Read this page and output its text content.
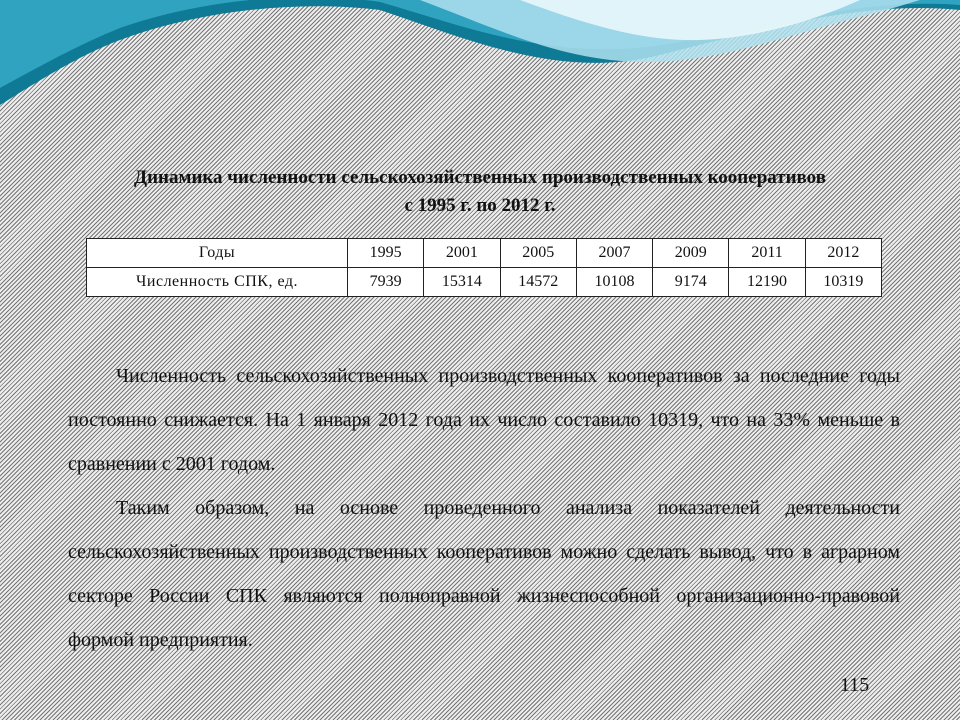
Динамика численности сельскохозяйственных производственных кооперативов
с 1995 г. по 2012 г.
Годы	1995	2001	2005	2007	2009	2011	2012
Численность СПК, ед.	7939	15314	14572	10108	9174	12190	10319

Численность сельскохозяйственных производственных кооперативов за последние годы постоянно снижается. На 1 января 2012 года их число составило 10319, что на 33% меньше в сравнении с 2001 годом.

Таким образом, на основе проведенного анализа показателей деятельности сельскохозяйственных производственных кооперативов можно сделать вывод, что в аграрном секторе России СПК являются полноправной жизнеспособной организационно-правовой формой предприятия.

115
